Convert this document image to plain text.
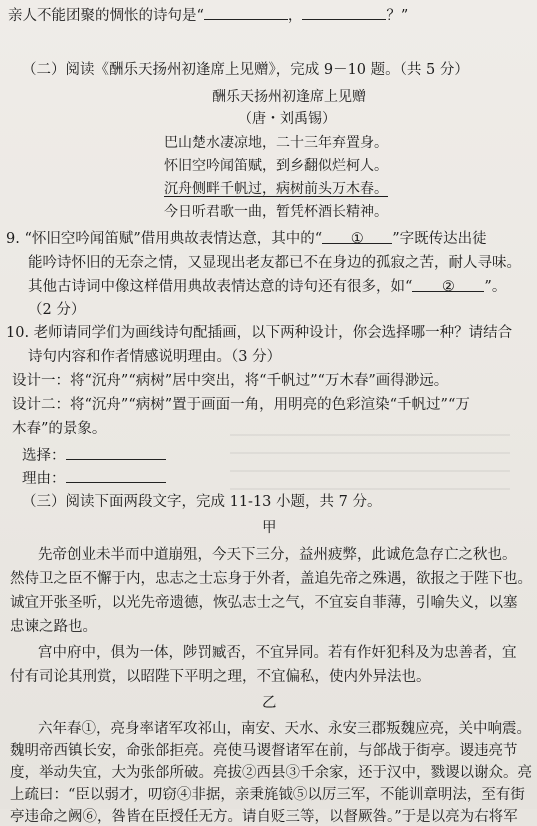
亲人不能团聚的惆怅的诗句是“	，	？”
（二）阅读《酬乐天扬州初逢席上见赠》，完成 9－10 题。（共 5 分）
酬乐天扬州初逢席上见赠
（唐・刘禹锡）
巴山楚水凄凉地，二十三年弃置身。
怀旧空吟闻笛赋，到乡翻似烂柯人。
沉舟侧畔千帆过，病树前头万木春。
今日听君歌一曲，暂凭杯酒长精神。
9. “怀旧空吟闻笛赋”借用典故表情达意，其中的“ ① ”字既传达出徒
能吟诗怀旧的无奈之情，又显现出老友都已不在身边的孤寂之苦，耐人寻味。
其他古诗词中像这样借用典故表情达意的诗句还有很多，如“ ② ”。
（2 分）
10. 老师请同学们为画线诗句配插画，以下两种设计，你会选择哪一种？请结合
诗句内容和作者情感说明理由。（3 分）
设计一：将“沉舟”“病树”居中突出，将“千帆过”“万木春”画得渺远。
设计二：将“沉舟”“病树”置于画面一角，用明亮的色彩渲染“千帆过”“万
木春”的景象。
选择：
理由：
（三）阅读下面两段文字，完成 11-13 小题，共 7 分。
甲
先帝创业未半而中道崩殂，今天下三分，益州疲弊，此诚危急存亡之秋也。
然侍卫之臣不懈于内，忠志之士忘身于外者，盖追先帝之殊遇，欲报之于陛下也。
诚宜开张圣听，以光先帝遗德，恢弘志士之气，不宜妄自菲薄，引喻失义，以塞
忠谏之路也。
宫中府中，俱为一体，陟罚臧否，不宜异同。若有作奸犯科及为忠善者，宜
付有司论其刑赏，以昭陛下平明之理，不宜偏私，使内外异法也。
乙
六年春①，亮身率诸军攻祁山，南安、天水、永安三郡叛魏应亮，关中响震。
魏明帝西镇长安，命张郃拒亮。亮使马谡督诸军在前，与郃战于街亭。谡违亮节
度，举动失宜，大为张郃所破。亮拔②西县③千余家，还于汉中，戮谡以谢众。亮
上疏曰：“臣以弱才，叨窃④非据，亲秉旄钺⑤以厉三军，不能训章明法，至有街
亭违命之阙⑥，咎皆在臣授任无方。请自贬三等，以督厥咎。”于是以亮为右将军
